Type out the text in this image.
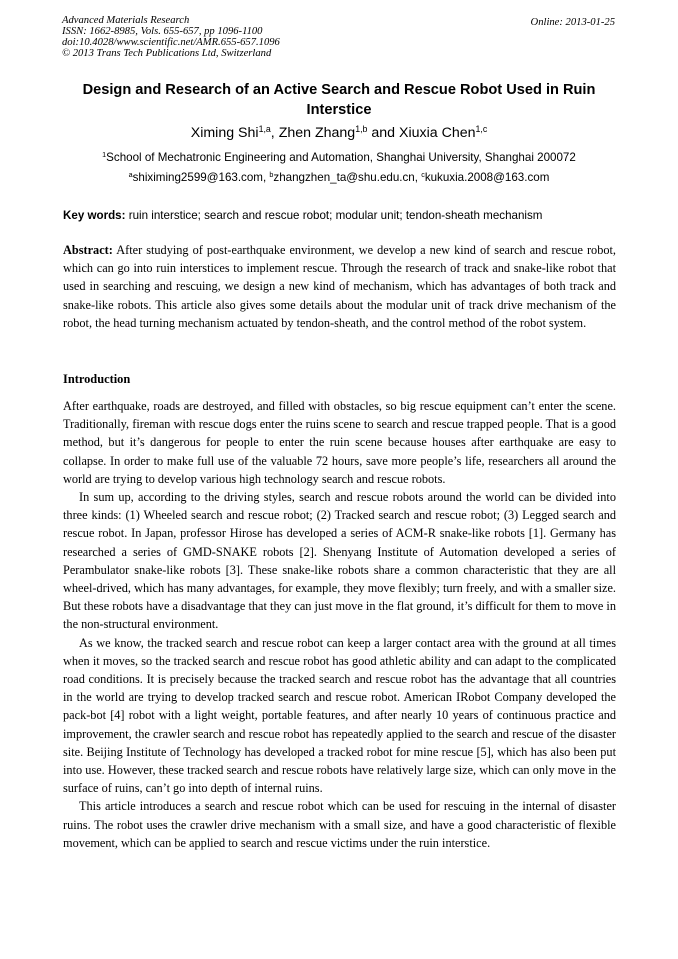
Advanced Materials Research
ISSN: 1662-8985, Vols. 655-657, pp 1096-1100
doi:10.4028/www.scientific.net/AMR.655-657.1096
© 2013 Trans Tech Publications Ltd, Switzerland
Online: 2013-01-25
Design and Research of an Active Search and Rescue Robot Used in Ruin Interstice
Ximing Shi$^{1,a}$, Zhen Zhang$^{1,b}$ and Xiuxia Chen$^{1,c}$
$^1$School of Mechatronic Engineering and Automation, Shanghai University, Shanghai 200072
$^a$shiximing2599@163.com, $^b$zhangzhen_ta@shu.edu.cn, $^c$kukuxia.2008@163.com
Key words: ruin interstice; search and rescue robot; modular unit; tendon-sheath mechanism

Abstract: After studying of post-earthquake environment, we develop a new kind of search and rescue robot, which can go into ruin interstices to implement rescue. Through the research of track and snake-like robot that used in searching and rescuing, we design a new kind of mechanism, which has advantages of both track and snake-like robots. This article also gives some details about the modular unit of track drive mechanism of the robot, the head turning mechanism actuated by tendon-sheath, and the control method of the robot system.

Introduction

After earthquake, roads are destroyed, and filled with obstacles, so big rescue equipment can’t enter the scene. Traditionally, fireman with rescue dogs enter the ruins scene to search and rescue trapped people. That is a good method, but it’s dangerous for people to enter the ruin scene because houses after earthquake are easy to collapse. In order to make full use of the valuable 72 hours, save more people’s life, researchers all around the world are trying to develop various high technology search and rescue robots.

In sum up, according to the driving styles, search and rescue robots around the world can be divided into three kinds: (1) Wheeled search and rescue robot; (2) Tracked search and rescue robot; (3) Legged search and rescue robot. In Japan, professor Hirose has developed a series of ACM-R snake-like robots [1]. Germany has researched a series of GMD-SNAKE robots [2]. Shenyang Institute of Automation developed a series of Perambulator snake-like robots [3]. These snake-like robots share a common characteristic that they are all wheel-drived, which has many advantages, for example, they move flexibly; turn freely, and with a smaller size. But these robots have a disadvantage that they can just move in the flat ground, it’s difficult for them to move in the non-structural environment.

As we know, the tracked search and rescue robot can keep a larger contact area with the ground at all times when it moves, so the tracked search and rescue robot has good athletic ability and can adapt to the complicated road conditions. It is precisely because the tracked search and rescue robot has the advantage that all countries in the world are trying to develop tracked search and rescue robot. American IRobot Company developed the pack-bot [4] robot with a light weight, portable features, and after nearly 10 years of continuous practice and improvement, the crawler search and rescue robot has repeatedly applied to the search and rescue of the disaster site. Beijing Institute of Technology has developed a tracked robot for mine rescue [5], which has also been put into use. However, these tracked search and rescue robots have relatively large size, which can only move in the surface of ruins, can’t go into depth of internal ruins.

This article introduces a search and rescue robot which can be used for rescuing in the internal of disaster ruins. The robot uses the crawler drive mechanism with a small size, and have a good characteristic of flexible movement, which can be applied to search and rescue victims under the ruin interstice.
